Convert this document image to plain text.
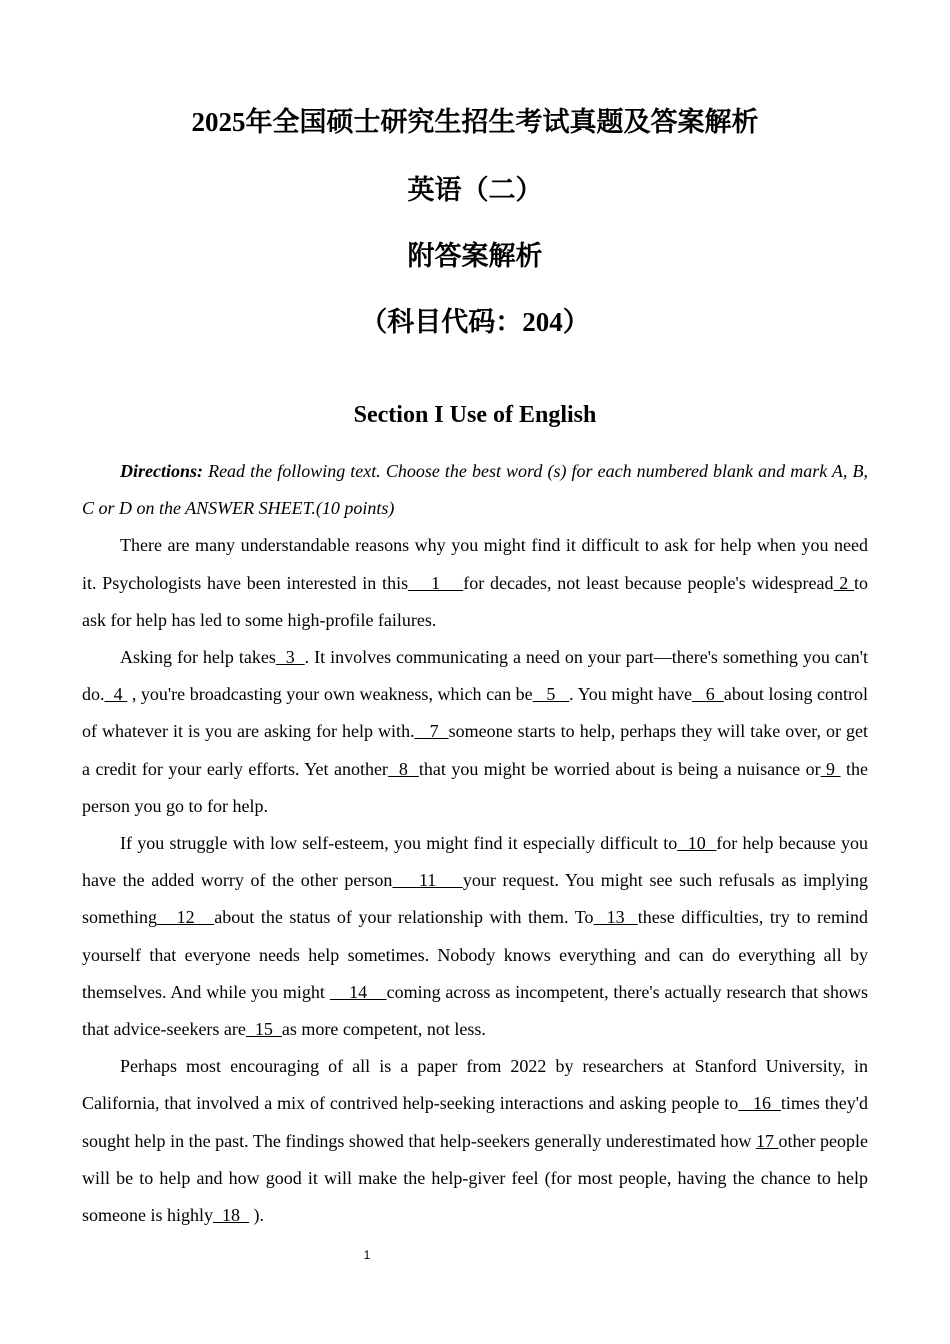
2025年全国硕士研究生招生考试真题及答案解析
英语（二）
附答案解析
（科目代码：204）
Section I Use of English

Directions: Read the following text. Choose the best word (s) for each numbered blank and mark A, B, C or D on the ANSWER SHEET.(10 points)

There are many understandable reasons why you might find it difficult to ask for help when you need it. Psychologists have been interested in this    1    for decades, not least because people's widespread 2 to ask for help has led to some high-profile failures.

Asking for help takes  3  . It involves communicating a need on your part—there's something you can't do.  4  , you're broadcasting your own weakness, which can be   5   . You might have   6  about losing control of whatever it is you are asking for help with.   7  someone starts to help, perhaps they will take over, or get a credit for your early efforts. Yet another  8  that you might be worried about is being a nuisance or 9  the person you go to for help.

If you struggle with low self-esteem, you might find it especially difficult to  10  for help because you have the added worry of the other person    11    your request. You might see such refusals as implying something   12   about the status of your relationship with them. To  13  these difficulties, try to remind yourself that everyone needs help sometimes. Nobody knows everything and can do everything all by themselves. And while you might     14    coming across as incompetent, there's actually research that shows that advice-seekers are  15  as more competent, not less.

Perhaps most encouraging of all is a paper from 2022 by researchers at Stanford University, in California, that involved a mix of contrived help-seeking interactions and asking people to   16  times they'd sought help in the past. The findings showed that help-seekers generally underestimated how 17 other people will be to help and how good it will make the help-giver feel (for most people, having the chance to help someone is highly  18   ).

1
